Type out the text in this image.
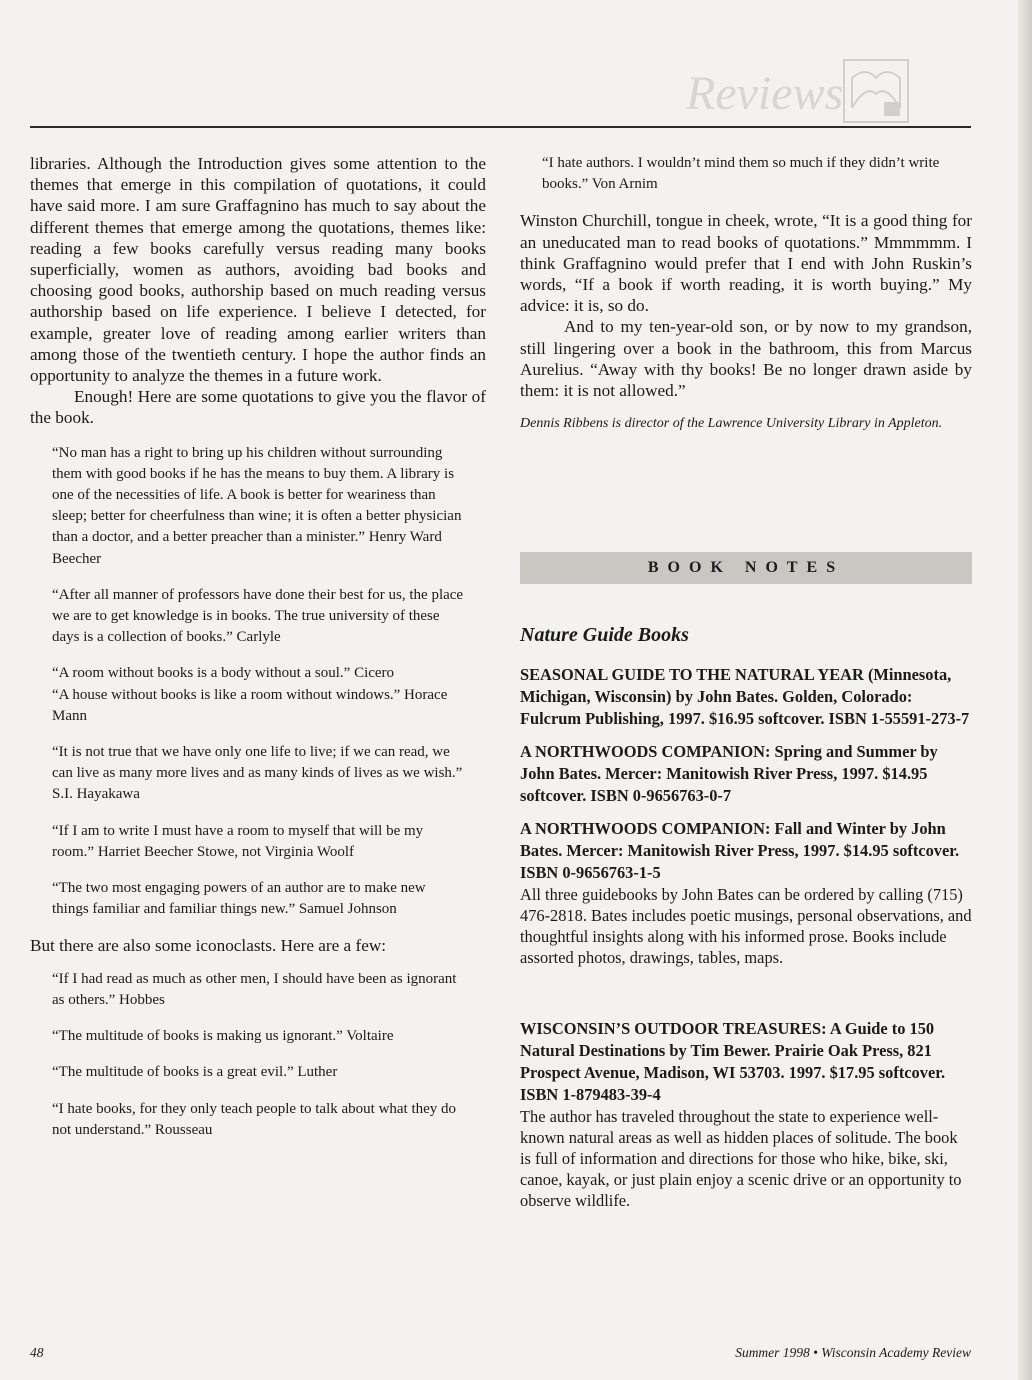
Reviews

libraries. Although the Introduction gives some attention to the themes that emerge in this compilation of quotations, it could have said more. I am sure Graffagnino has much to say about the different themes that emerge among the quotations, themes like: reading a few books carefully versus reading many books superficially, women as authors, avoiding bad books and choosing good books, authorship based on much reading versus authorship based on life experience. I believe I detected, for example, greater love of reading among earlier writers than among those of the twentieth century. I hope the author finds an opportunity to analyze the themes in a future work.

Enough! Here are some quotations to give you the flavor of the book.

“No man has a right to bring up his children without surrounding them with good books if he has the means to buy them. A library is one of the necessities of life. A book is better for weariness than sleep; better for cheerfulness than wine; it is often a better physician than a doctor, and a better preacher than a minister.” Henry Ward Beecher

“After all manner of professors have done their best for us, the place we are to get knowledge is in books. The true university of these days is a collection of books.” Carlyle

“A room without books is a body without a soul.” Cicero

“A house without books is like a room without windows.” Horace Mann

“It is not true that we have only one life to live; if we can read, we can live as many more lives and as many kinds of lives as we wish.” S.I. Hayakawa

“If I am to write I must have a room to myself that will be my room.” Harriet Beecher Stowe, not Virginia Woolf

“The two most engaging powers of an author are to make new things familiar and familiar things new.” Samuel Johnson

But there are also some iconoclasts. Here are a few:

“If I had read as much as other men, I should have been as ignorant as others.” Hobbes

“The multitude of books is making us ignorant.” Voltaire

“The multitude of books is a great evil.” Luther

“I hate books, for they only teach people to talk about what they do not understand.” Rousseau

“I hate authors. I wouldn’t mind them so much if they didn’t write books.” Von Arnim

Winston Churchill, tongue in cheek, wrote, “It is a good thing for an uneducated man to read books of quotations.” Mmmmmm. I think Graffagnino would prefer that I end with John Ruskin’s words, “If a book if worth reading, it is worth buying.” My advice: it is, so do.

And to my ten-year-old son, or by now to my grandson, still lingering over a book in the bathroom, this from Marcus Aurelius. “Away with thy books! Be no longer drawn aside by them: it is not allowed.”

Dennis Ribbens is director of the Lawrence University Library in Appleton.

BOOK NOTES

Nature Guide Books

SEASONAL GUIDE TO THE NATURAL YEAR (Minnesota, Michigan, Wisconsin) by John Bates. Golden, Colorado: Fulcrum Publishing, 1997. $16.95 softcover. ISBN 1-55591-273-7

A NORTHWOODS COMPANION: Spring and Summer by John Bates. Mercer: Manitowish River Press, 1997. $14.95 softcover. ISBN 0-9656763-0-7

A NORTHWOODS COMPANION: Fall and Winter by John Bates. Mercer: Manitowish River Press, 1997. $14.95 softcover. ISBN 0-9656763-1-5

All three guidebooks by John Bates can be ordered by calling (715) 476-2818. Bates includes poetic musings, personal observations, and thoughtful insights along with his informed prose. Books include assorted photos, drawings, tables, maps.

WISCONSIN’S OUTDOOR TREASURES: A Guide to 150 Natural Destinations by Tim Bewer. Prairie Oak Press, 821 Prospect Avenue, Madison, WI 53703. 1997. $17.95 softcover. ISBN 1-879483-39-4

The author has traveled throughout the state to experience well-known natural areas as well as hidden places of solitude. The book is full of information and directions for those who hike, bike, ski, canoe, kayak, or just plain enjoy a scenic drive or an opportunity to observe wildlife.

48	Summer 1998 • Wisconsin Academy Review
